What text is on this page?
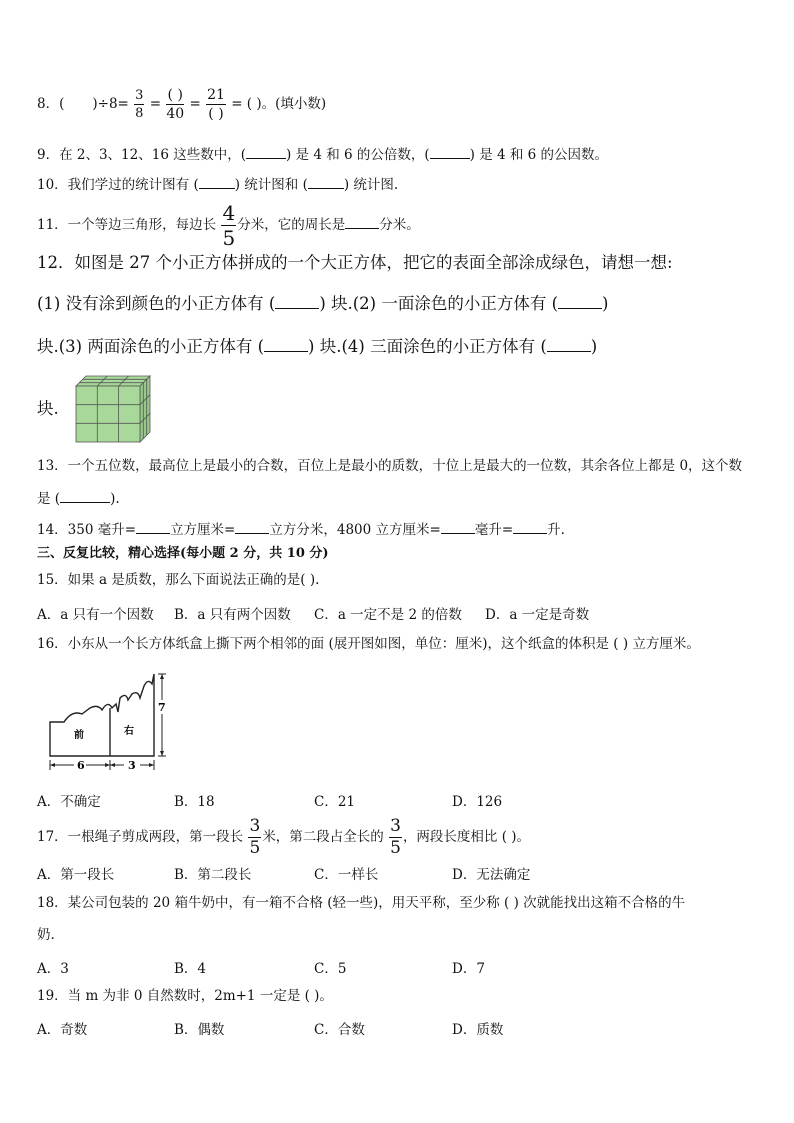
8．( )$\div 8= \frac{3}{8} = \frac{( )}{40} = \frac{21}{( )}$ = ( )。(填小数)
9．在 2、3、12、16 这些数中，(	) 是 4 和 6 的公倍数，(	) 是 4 和 6 的公因数。
10．我们学过的统计图有 (	) 统计图和 (	) 统计图.
11．一个等边三角形，每边长 $\frac{4}{5}$ 分米，它的周长是	分米。
12．如图是 27 个小正方体拼成的一个大正方体，把它的表面全部涂成绿色，请想一想:
(1) 没有涂到颜色的小正方体有 (	) 块.(2) 一面涂色的小正方体有 (	)
块.(3) 两面涂色的小正方体有 (	) 块.(4) 三面涂色的小正方体有 (	)
块.
13．一个五位数，最高位上是最小的合数，百位上是最小的质数，十位上是最大的一位数，其余各位上都是 0，这个数
是 (	).
14．350 毫升=	立方厘米=	立方分米，4800 立方厘米=	毫升=	升.
三、反复比较，精心选择(每小题 2 分，共 10 分)
15．如果 a 是质数，那么下面说法正确的是( ).
A．a 只有一个因数 B．a 只有两个因数 C．a 一定不是 2 的倍数 D．a 一定是奇数
16．小东从一个长方体纸盒上撕下两个相邻的面 (展开图如图，单位：厘米)，这个纸盒的体积是 ( ) 立方厘米。
前	右
6	3
7
A．不确定	B．18	C．21	D．126
17．一根绳子剪成两段，第一段长 $\frac{3}{5}$ 米，第二段占全长的 $\frac{3}{5}$ ，两段长度相比 ( )。
A．第一段长	B．第二段长	C．一样长	D．无法确定
18．某公司包装的 20 箱牛奶中，有一箱不合格 (轻一些)，用天平称，至少称 ( ) 次就能找出这箱不合格的牛
奶.
A．3	B．4	C．5	D．7
19．当 m 为非 0 自然数时，2m+1 一定是 ( )。
A．奇数	B．偶数	C．合数	D．质数
